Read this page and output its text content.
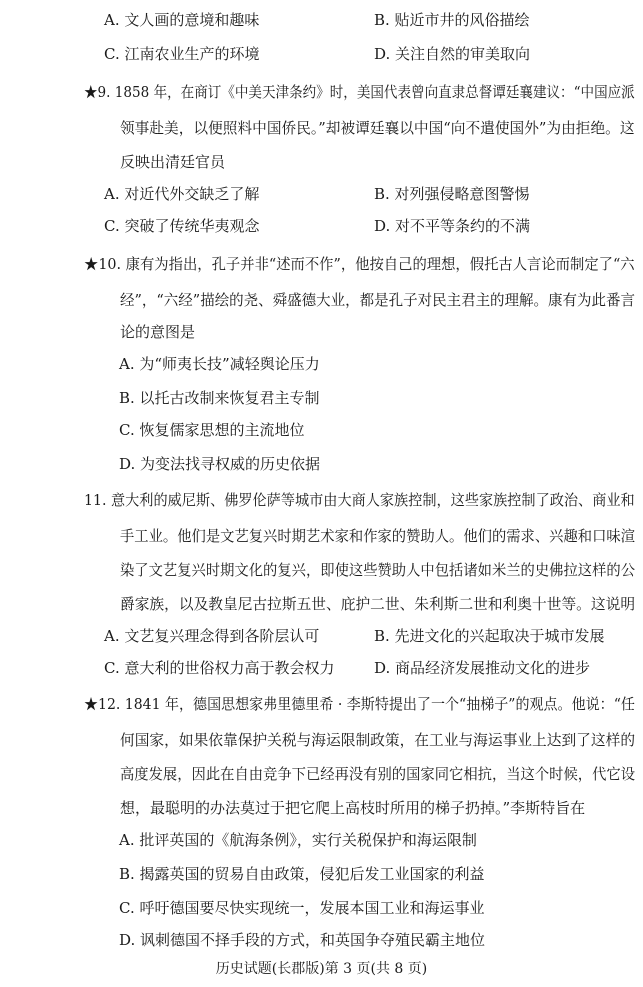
A. 文人画的意境和趣味	B. 贴近市井的风俗描绘
C. 江南农业生产的环境	D. 关注自然的审美取向
★9. 1858 年，在商订《中美天津条约》时，美国代表曾向直隶总督谭廷襄建议：“中国应派
领事赴美，以便照料中国侨民。”却被谭廷襄以中国“向不遣使国外”为由拒绝。这
反映出清廷官员
A. 对近代外交缺乏了解	B. 对列强侵略意图警惕
C. 突破了传统华夷观念	D. 对不平等条约的不满
★10. 康有为指出，孔子并非“述而不作”，他按自己的理想，假托古人言论而制定了“六
经”，“六经”描绘的尧、舜盛德大业，都是孔子对民主君主的理解。康有为此番言
论的意图是
A. 为“师夷长技”减轻舆论压力
B. 以托古改制来恢复君主专制
C. 恢复儒家思想的主流地位
D. 为变法找寻权威的历史依据
11. 意大利的威尼斯、佛罗伦萨等城市由大商人家族控制，这些家族控制了政治、商业和
手工业。他们是文艺复兴时期艺术家和作家的赞助人。他们的需求、兴趣和口味渲
染了文艺复兴时期文化的复兴，即使这些赞助人中包括诸如米兰的史佛拉这样的公
爵家族，以及教皇尼古拉斯五世、庇护二世、朱利斯二世和利奥十世等。这说明
A. 文艺复兴理念得到各阶层认可	B. 先进文化的兴起取决于城市发展
C. 意大利的世俗权力高于教会权力	D. 商品经济发展推动文化的进步
★12. 1841 年，德国思想家弗里德里希 · 李斯特提出了一个“抽梯子”的观点。他说：“任
何国家，如果依靠保护关税与海运限制政策，在工业与海运事业上达到了这样的
高度发展，因此在自由竞争下已经再没有别的国家同它相抗，当这个时候，代它设
想，最聪明的办法莫过于把它爬上高枝时所用的梯子扔掉。”李斯特旨在
A. 批评英国的《航海条例》，实行关税保护和海运限制
B. 揭露英国的贸易自由政策，侵犯后发工业国家的利益
C. 呼吁德国要尽快实现统一，发展本国工业和海运事业
D. 讽刺德国不择手段的方式，和英国争夺殖民霸主地位
历史试题(长郡版)第 3 页(共 8 页)
